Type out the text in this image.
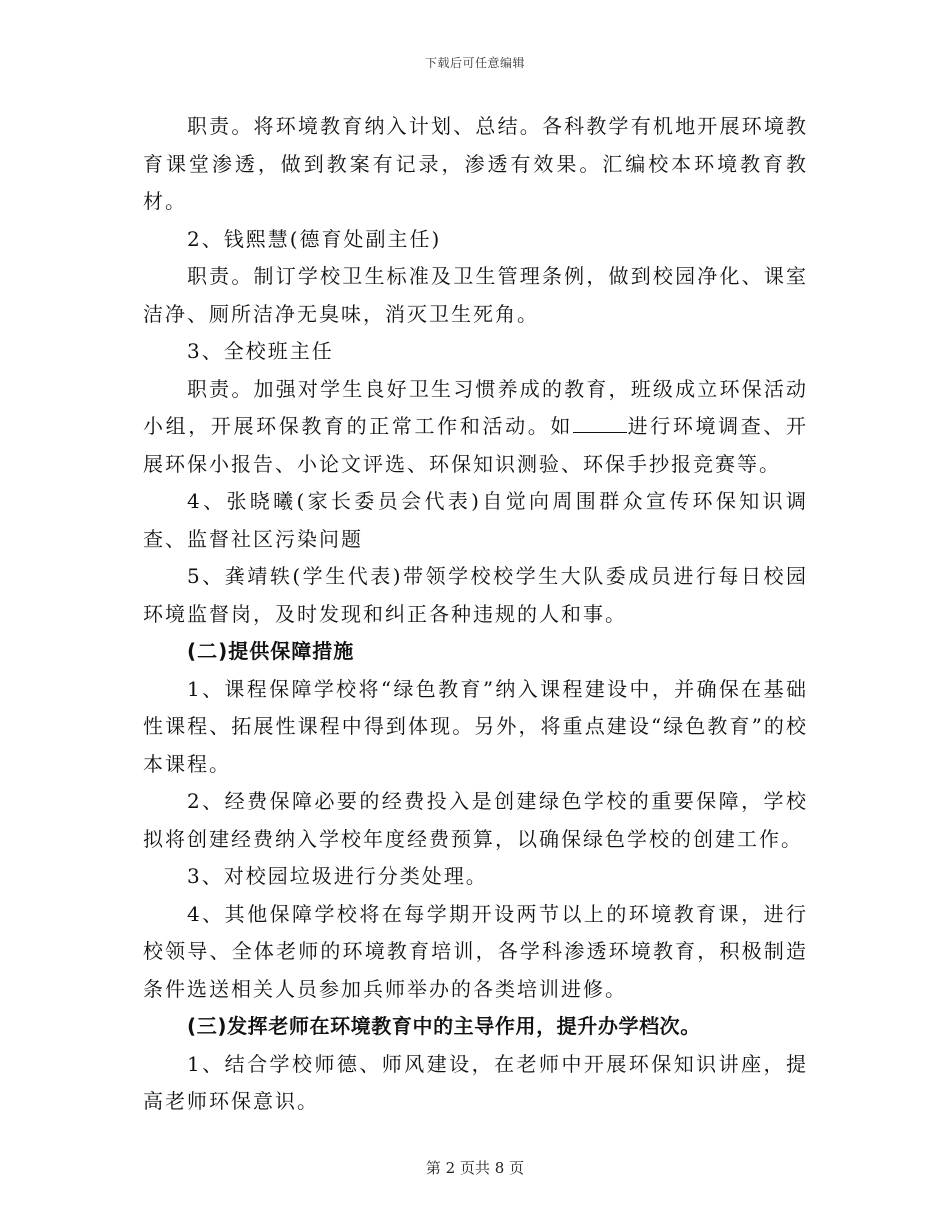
下载后可任意编辑

职责。将环境教育纳入计划、总结。各科教学有机地开展环境教育课堂渗透，做到教案有记录，渗透有效果。汇编校本环境教育教材。

2、钱熙慧(德育处副主任)

职责。制订学校卫生标准及卫生管理条例，做到校园净化、课室洁净、厕所洁净无臭味，消灭卫生死角。

3、全校班主任

职责。加强对学生良好卫生习惯养成的教育，班级成立环保活动小组，开展环保教育的正常工作和活动。如	进行环境调查、开展环保小报告、小论文评选、环保知识测验、环保手抄报竞赛等。

4、张晓曦(家长委员会代表)自觉向周围群众宣传环保知识调查、监督社区污染问题

5、龚靖轶(学生代表)带领学校校学生大队委成员进行每日校园环境监督岗，及时发现和纠正各种违规的人和事。

(二)提供保障措施

1、课程保障学校将“绿色教育”纳入课程建设中，并确保在基础性课程、拓展性课程中得到体现。另外，将重点建设“绿色教育”的校本课程。

2、经费保障必要的经费投入是创建绿色学校的重要保障，学校拟将创建经费纳入学校年度经费预算，以确保绿色学校的创建工作。

3、对校园垃圾进行分类处理。

4、其他保障学校将在每学期开设两节以上的环境教育课，进行校领导、全体老师的环境教育培训，各学科渗透环境教育，积极制造条件选送相关人员参加兵师举办的各类培训进修。

(三)发挥老师在环境教育中的主导作用，提升办学档次。

1、结合学校师德、师风建设，在老师中开展环保知识讲座，提高老师环保意识。

第 2 页共 8 页
